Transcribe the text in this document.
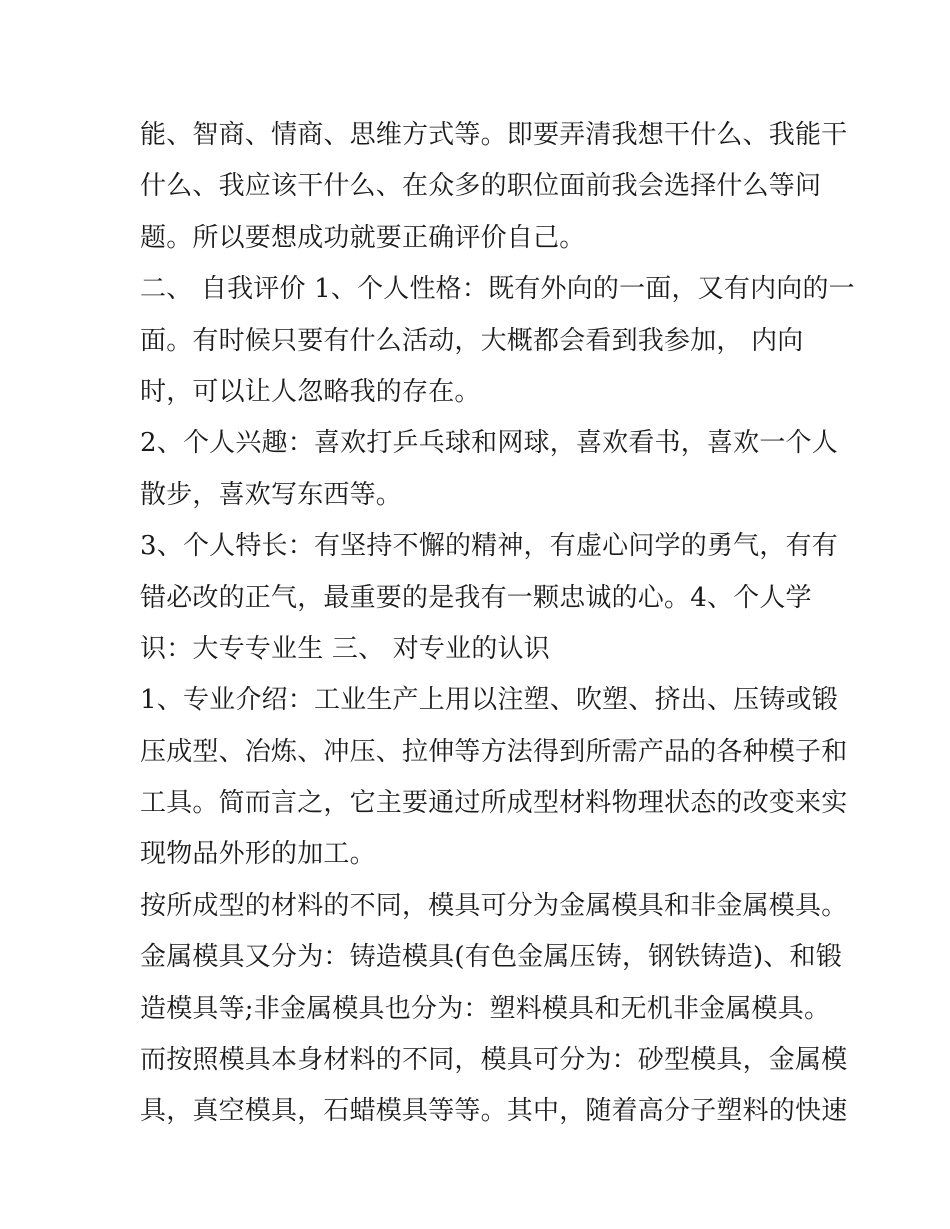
能、智商、情商、思维方式等。即要弄清我想干什么、我能干
什么、我应该干什么、在众多的职位面前我会选择什么等问
题。所以要想成功就要正确评价自己。
二、 自我评价 1、个人性格：既有外向的一面，又有内向的一
面。有时候只要有什么活动，大概都会看到我参加， 内向
时，可以让人忽略我的存在。
2、个人兴趣：喜欢打乒乓球和网球，喜欢看书，喜欢一个人
散步，喜欢写东西等。
3、个人特长：有坚持不懈的精神，有虚心问学的勇气，有有
错必改的正气，最重要的是我有一颗忠诚的心。4、个人学
识：大专专业生 三、 对专业的认识
1、专业介绍：工业生产上用以注塑、吹塑、挤出、压铸或锻
压成型、冶炼、冲压、拉伸等方法得到所需产品的各种模子和
工具。简而言之，它主要通过所成型材料物理状态的改变来实
现物品外形的加工。
按所成型的材料的不同，模具可分为金属模具和非金属模具。
金属模具又分为：铸造模具(有色金属压铸，钢铁铸造)、和锻
造模具等;非金属模具也分为：塑料模具和无机非金属模具。
而按照模具本身材料的不同，模具可分为：砂型模具，金属模
具，真空模具，石蜡模具等等。其中，随着高分子塑料的快速
